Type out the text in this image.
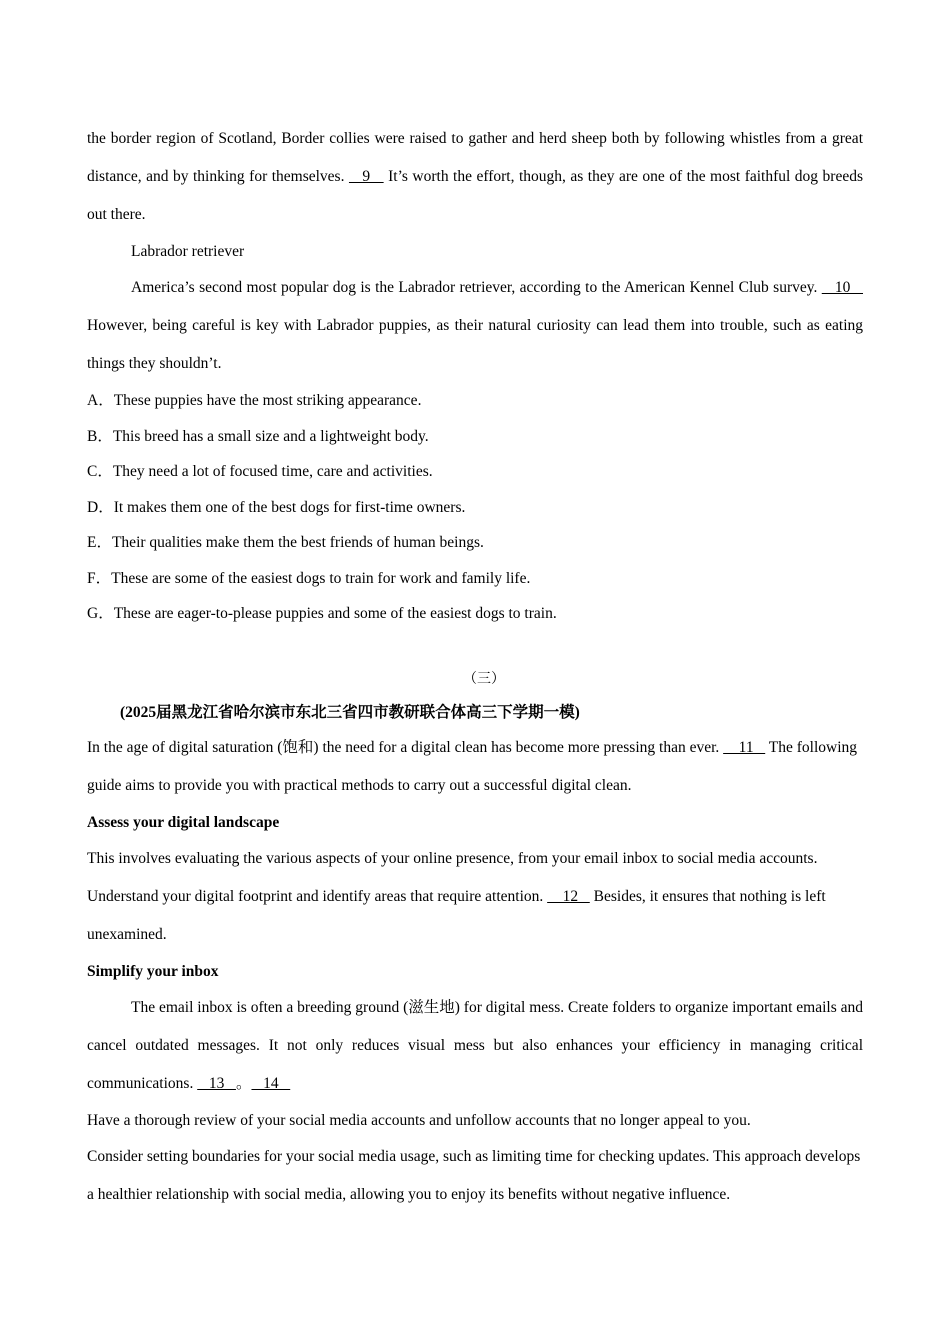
the border region of Scotland, Border collies were raised to gather and herd sheep both by following whistles from a great distance, and by thinking for themselves.    9    It’s worth the effort, though, as they are one of the most faithful dog breeds out there.

Labrador retriever

America’s second most popular dog is the Labrador retriever, according to the American Kennel Club survey.    10    However, being careful is key with Labrador puppies, as their natural curiosity can lead them into trouble, such as eating things they shouldn’t.

A．These puppies have the most striking appearance.

B．This breed has a small size and a lightweight body.

C．They need a lot of focused time, care and activities.

D．It makes them one of the best dogs for first-time owners.

E．Their qualities make them the best friends of human beings.

F．These are some of the easiest dogs to train for work and family life.

G．These are eager-to-please puppies and some of the easiest dogs to train.

（三）

(2025届黑龙江省哈尔滨市东北三省四市教研联合体高三下学期一模)

In the age of digital saturation (饱和) the need for a digital clean has become more pressing than ever.     11    The following guide aims to provide you with practical methods to carry out a successful digital clean.

Assess your digital landscape

This involves evaluating the various aspects of your online presence, from your email inbox to social media accounts. Understand your digital footprint and identify areas that require attention.     12    Besides, it ensures that nothing is left unexamined.

Simplify your inbox

The email inbox is often a breeding ground (滋生地) for digital mess. Create folders to organize important emails and cancel outdated messages. It not only reduces visual mess but also enhances your efficiency in managing critical communications.    13   。   14

Have a thorough review of your social media accounts and unfollow accounts that no longer appeal to you.

Consider setting boundaries for your social media usage, such as limiting time for checking updates. This approach develops a healthier relationship with social media, allowing you to enjoy its benefits without negative influence.
